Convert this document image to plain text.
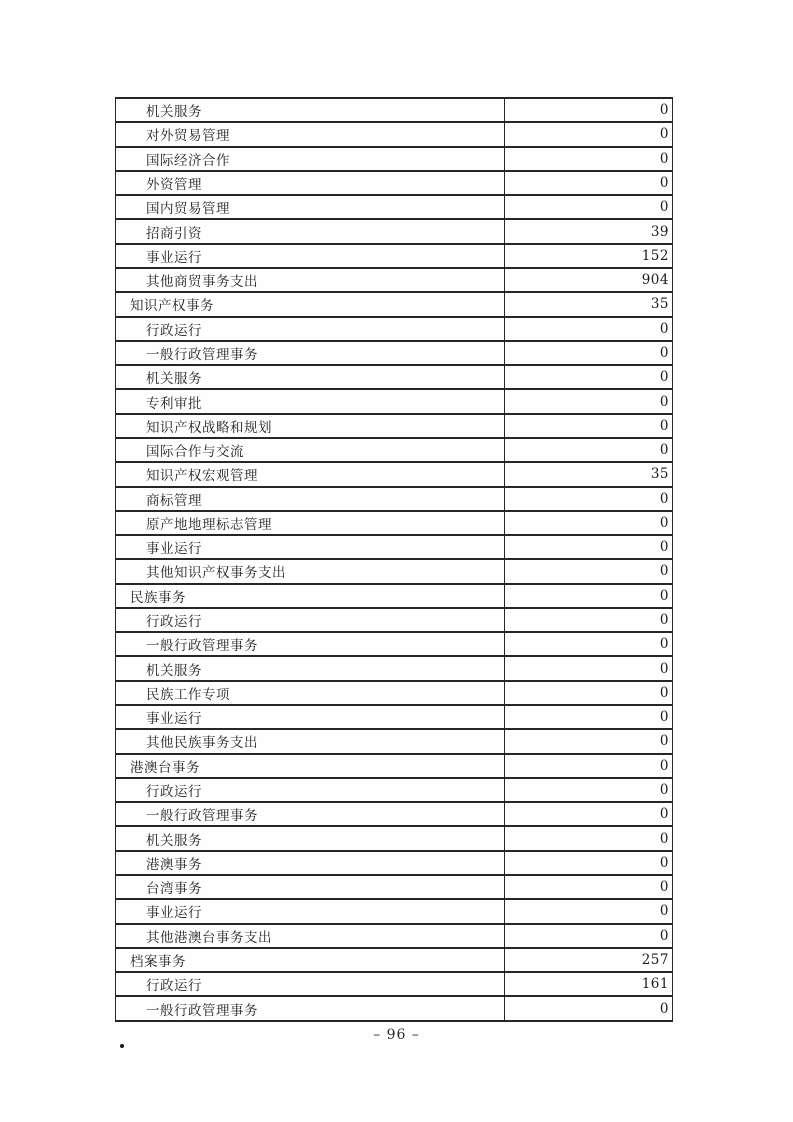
机关服务	0
对外贸易管理	0
国际经济合作	0
外资管理	0
国内贸易管理	0
招商引资	39
事业运行	152
其他商贸事务支出	904
知识产权事务	35
行政运行	0
一般行政管理事务	0
机关服务	0
专利审批	0
知识产权战略和规划	0
国际合作与交流	0
知识产权宏观管理	35
商标管理	0
原产地地理标志管理	0
事业运行	0
其他知识产权事务支出	0
民族事务	0
行政运行	0
一般行政管理事务	0
机关服务	0
民族工作专项	0
事业运行	0
其他民族事务支出	0
港澳台事务	0
行政运行	0
一般行政管理事务	0
机关服务	0
港澳事务	0
台湾事务	0
事业运行	0
其他港澳台事务支出	0
档案事务	257
行政运行	161
一般行政管理事务	0
– 96 –
